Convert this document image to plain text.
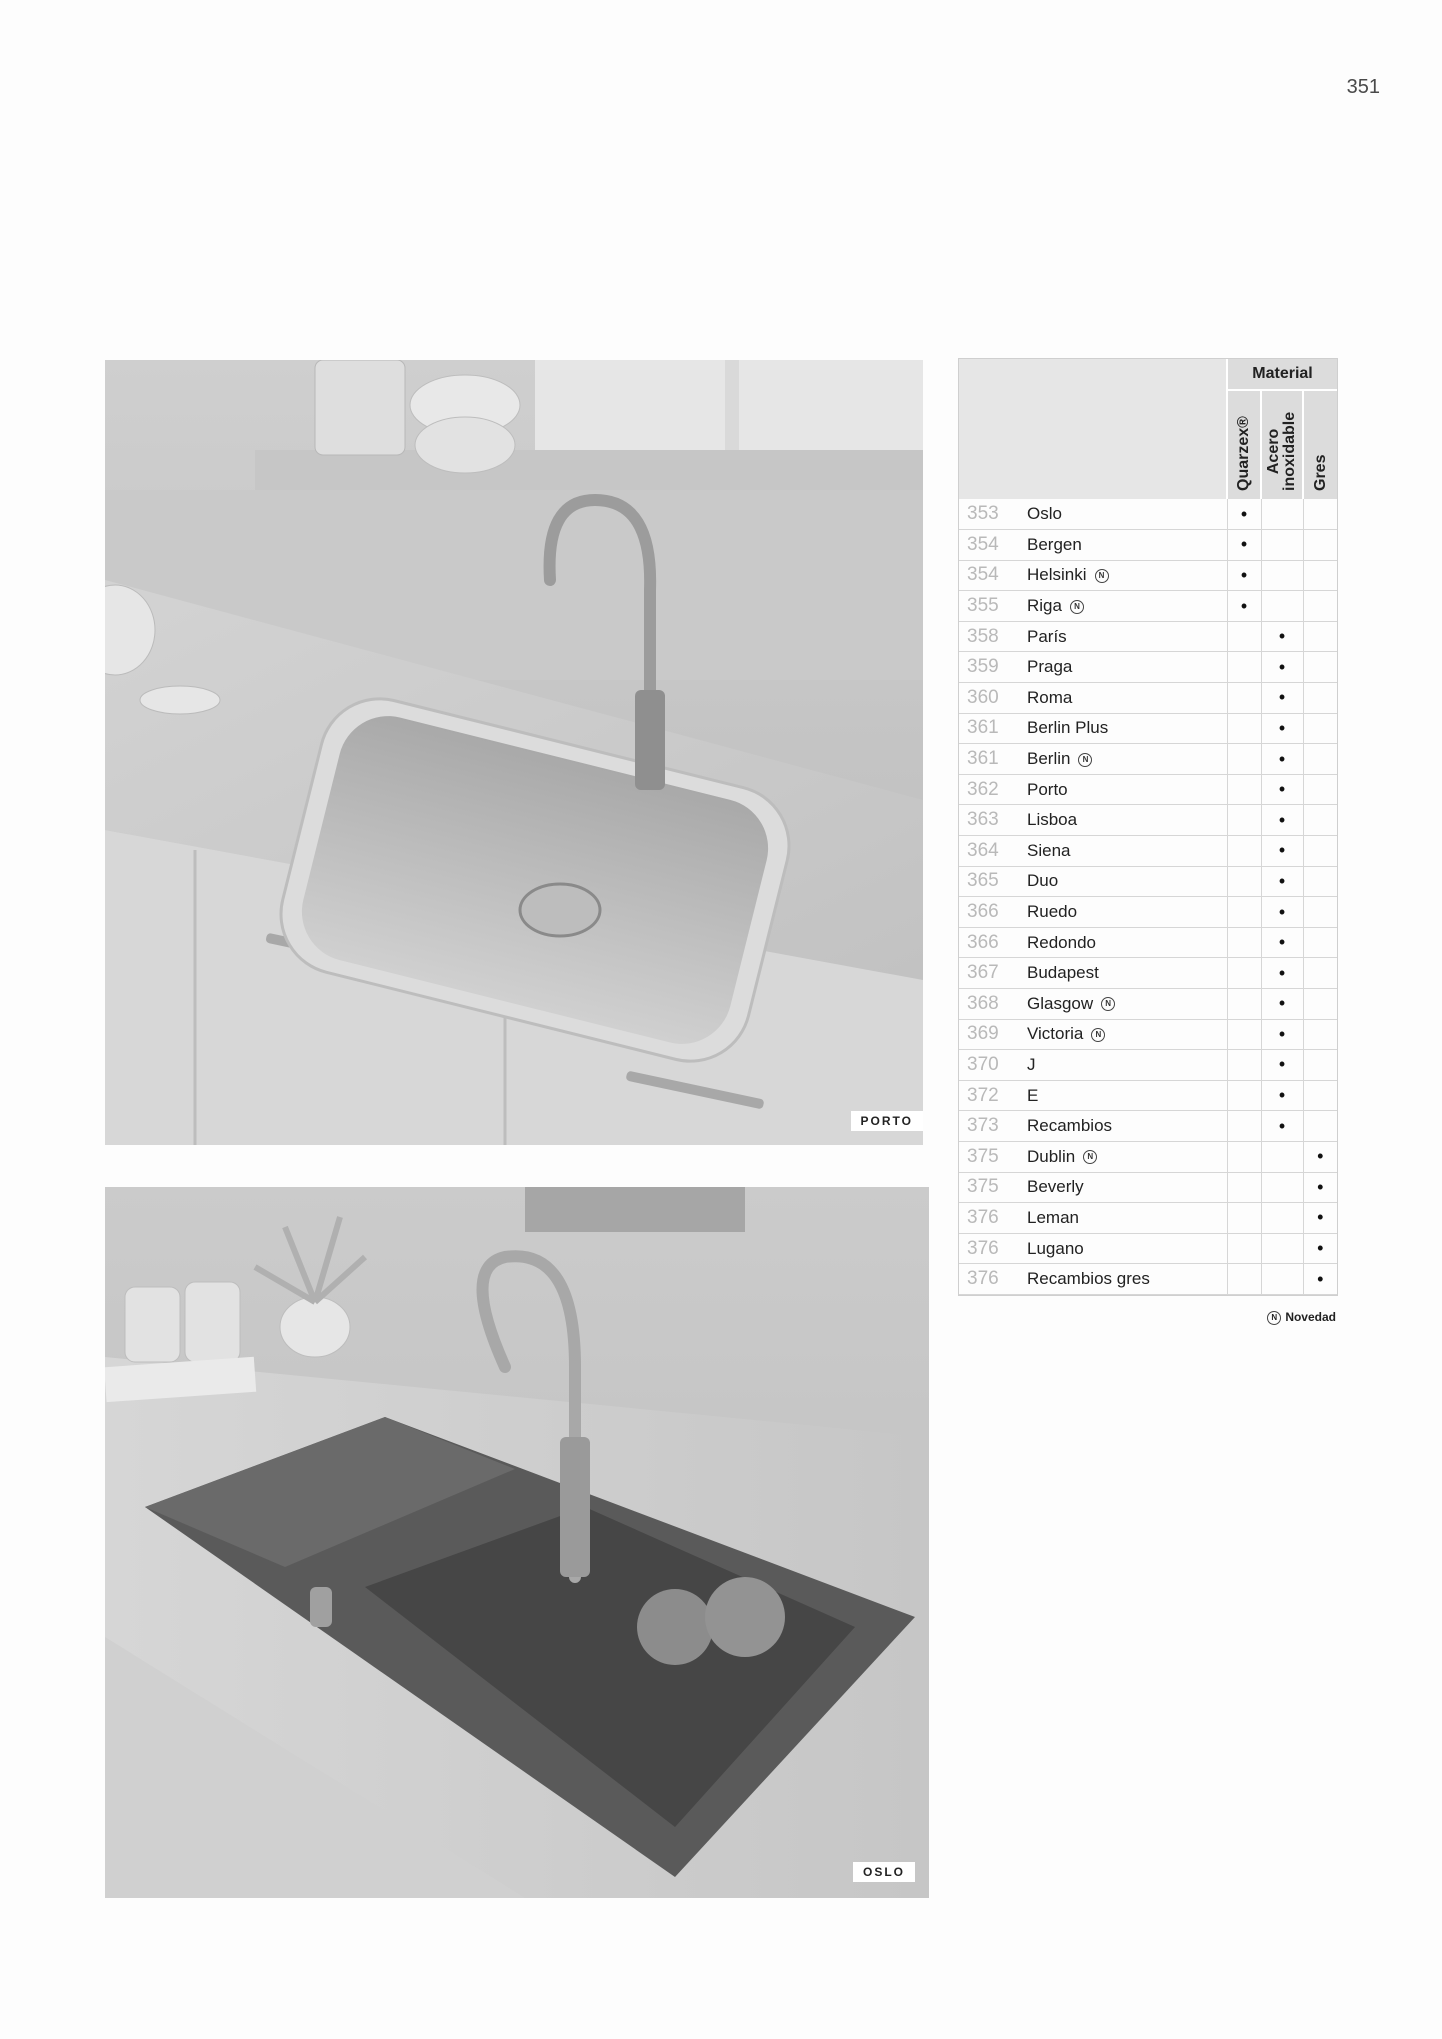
351
PORTO
OSLO
		Material		

		Quarzex®	Acero
inoxidable	Gres

353	Oslo	•		
354	Bergen	•		
354	Helsinki N	•		
355	Riga N	•		
358	París		•	
359	Praga		•	
360	Roma		•	
361	Berlin Plus		•	
361	Berlin N		•	
362	Porto		•	
363	Lisboa		•	
364	Siena		•	
365	Duo		•	
366	Ruedo		•	
366	Redondo		•	
367	Budapest		•	
368	Glasgow N		•	
369	Victoria N		•	
370	J		•	
372	E		•	
373	Recambios		•	
375	Dublin N			•
375	Beverly			•
376	Leman			•
376	Lugano			•
376	Recambios gres			•
N Novedad
